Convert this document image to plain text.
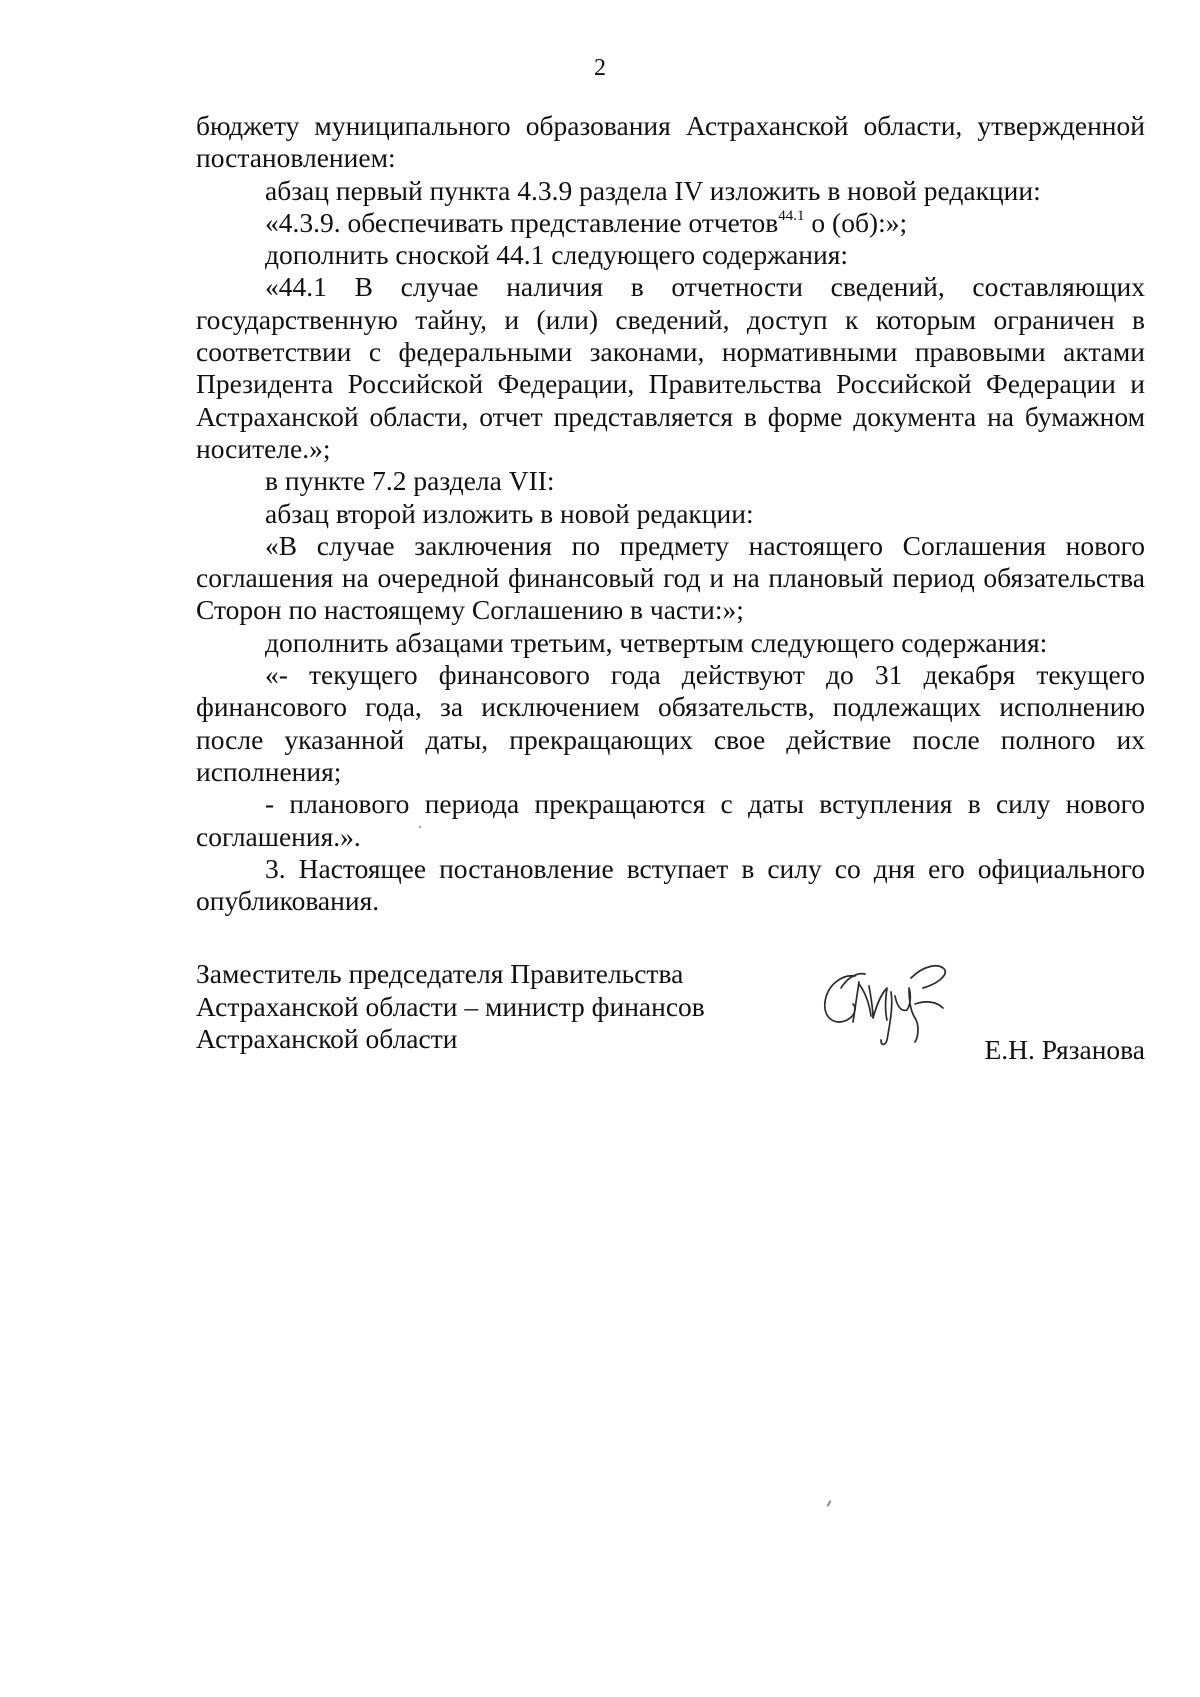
2

бюджету муниципального образования Астраханской области, утвержденной постановлением:

абзац первый пункта 4.3.9 раздела IV изложить в новой редакции:

«4.3.9. обеспечивать представление отчетов$^{44.1}$ о (об):»;

дополнить сноской 44.1 следующего содержания:

«44.1 В случае наличия в отчетности сведений, составляющих государственную тайну, и (или) сведений, доступ к которым ограничен в соответствии с федеральными законами, нормативными правовыми актами Президента Российской Федерации, Правительства Российской Федерации и Астраханской области, отчет представляется в форме документа на бумажном носителе.»;

в пункте 7.2 раздела VII:

абзац второй изложить в новой редакции:

«В случае заключения по предмету настоящего Соглашения нового соглашения на очередной финансовый год и на плановый период обязательства Сторон по настоящему Соглашению в части:»;

дополнить абзацами третьим, четвертым следующего содержания:

«- текущего финансового года действуют до 31 декабря текущего финансового года, за исключением обязательств, подлежащих исполнению после указанной даты, прекращающих свое действие после полного их исполнения;

- планового периода прекращаются с даты вступления в силу нового соглашения.».

3. Настоящее постановление вступает в силу со дня его официального опубликования.

Заместитель председателя Правительства
Астраханской области – министр финансов
Астраханской области	Е.Н. Рязанова
